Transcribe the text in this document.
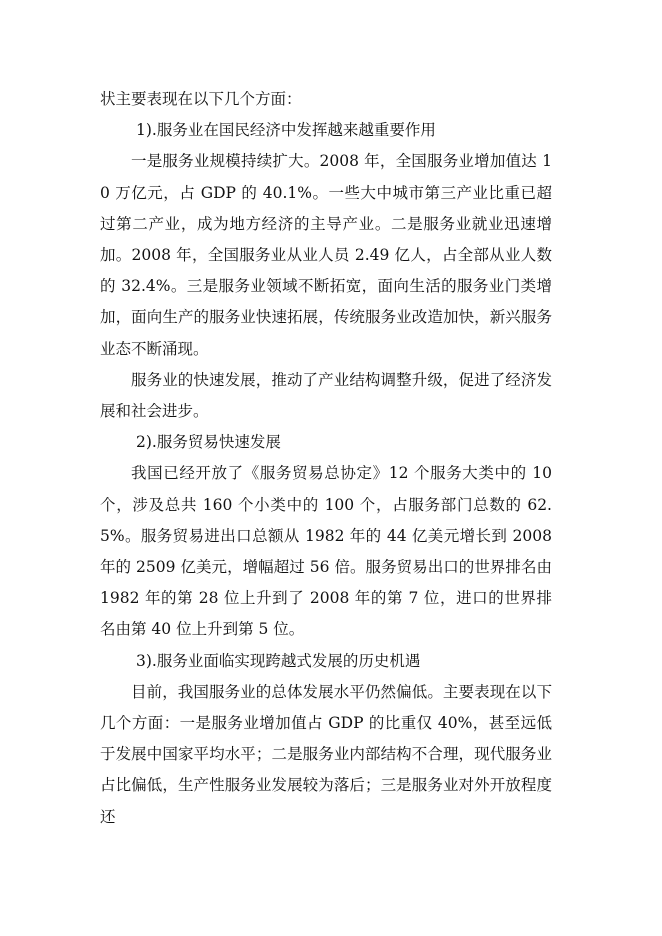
状主要表现在以下几个方面：

1).服务业在国民经济中发挥越来越重要作用

一是服务业规模持续扩大。2008 年，全国服务业增加值达 10 万亿元，占 GDP 的 40.1%。一些大中城市第三产业比重已超过第二产业，成为地方经济的主导产业。二是服务业就业迅速增加。2008 年，全国服务业从业人员 2.49 亿人，占全部从业人数的 32.4%。三是服务业领域不断拓宽，面向生活的服务业门类增加，面向生产的服务业快速拓展，传统服务业改造加快，新兴服务业态不断涌现。

服务业的快速发展，推动了产业结构调整升级，促进了经济发展和社会进步。

2).服务贸易快速发展

我国已经开放了《服务贸易总协定》12 个服务大类中的 10 个，涉及总共 160 个小类中的 100 个，占服务部门总数的 62.5%。服务贸易进出口总额从 1982 年的 44 亿美元增长到 2008 年的 2509 亿美元，增幅超过 56 倍。服务贸易出口的世界排名由 1982 年的第 28 位上升到了 2008 年的第 7 位，进口的世界排名由第 40 位上升到第 5 位。

3).服务业面临实现跨越式发展的历史机遇

目前，我国服务业的总体发展水平仍然偏低。主要表现在以下几个方面：一是服务业增加值占 GDP 的比重仅 40%，甚至远低于发展中国家平均水平；二是服务业内部结构不合理，现代服务业占比偏低，生产性服务业发展较为落后；三是服务业对外开放程度还
